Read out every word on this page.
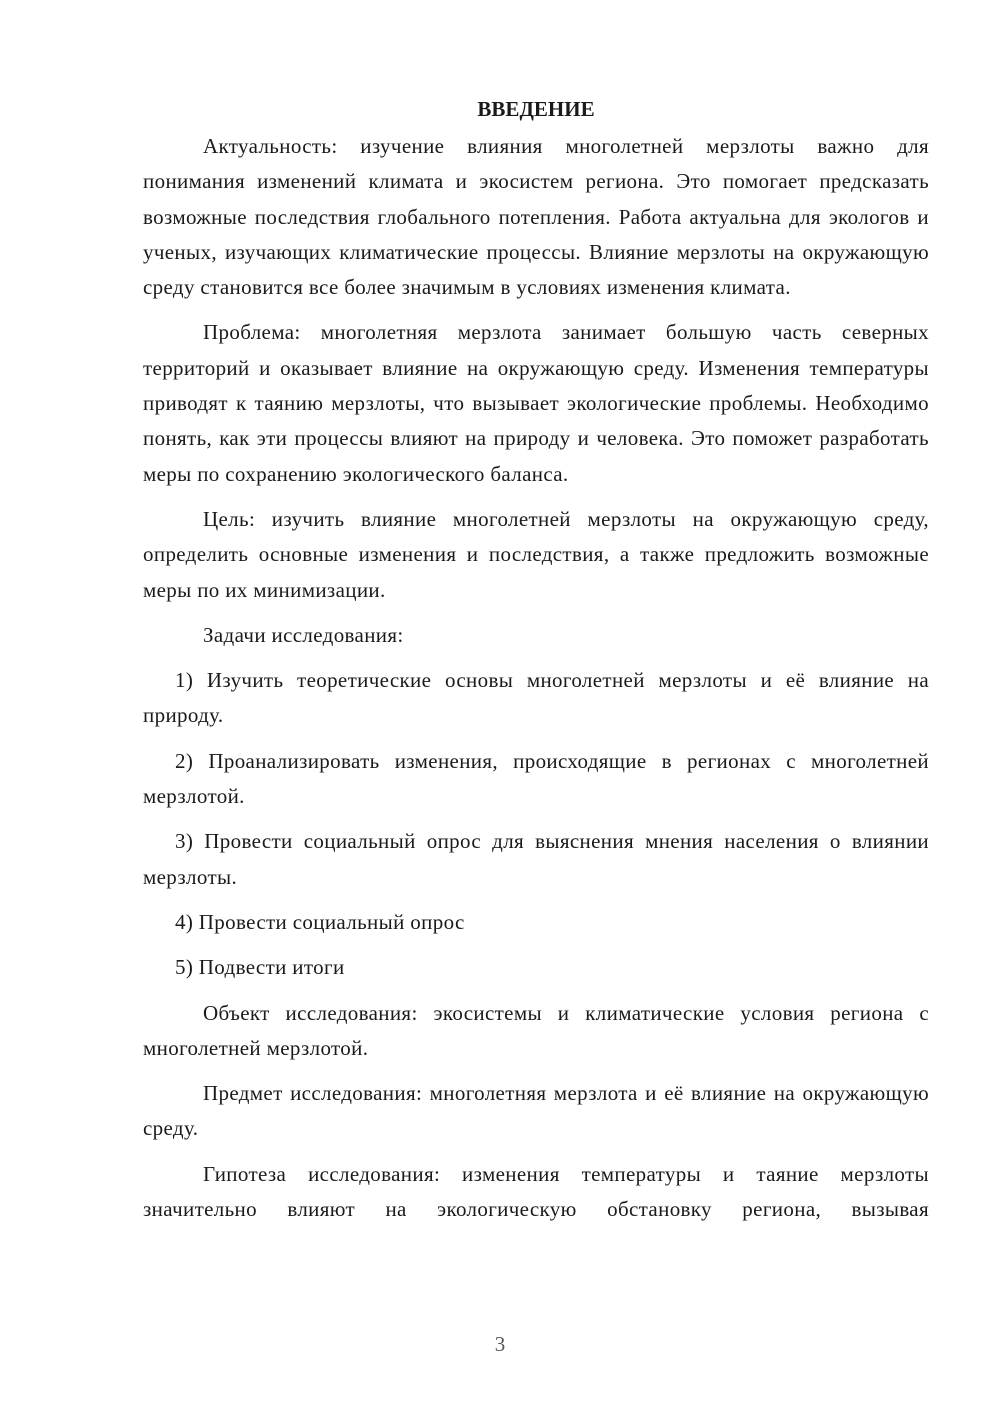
ВВЕДЕНИЕ

Актуальность: изучение влияния многолетней мерзлоты важно для понимания изменений климата и экосистем региона. Это помогает предсказать возможные последствия глобального потепления. Работа актуальна для экологов и ученых, изучающих климатические процессы. Влияние мерзлоты на окружающую среду становится все более значимым в условиях изменения климата.

Проблема: многолетняя мерзлота занимает большую часть северных территорий и оказывает влияние на окружающую среду. Изменения температуры приводят к таянию мерзлоты, что вызывает экологические проблемы. Необходимо понять, как эти процессы влияют на природу и человека. Это поможет разработать меры по сохранению экологического баланса.

Цель: изучить влияние многолетней мерзлоты на окружающую среду, определить основные изменения и последствия, а также предложить возможные меры по их минимизации.

Задачи исследования:

1) Изучить теоретические основы многолетней мерзлоты и её влияние на природу.

2) Проанализировать изменения, происходящие в регионах с многолетней мерзлотой.

3) Провести социальный опрос для выяснения мнения населения о влиянии мерзлоты.

4) Провести социальный опрос

5) Подвести итоги

Объект исследования: экосистемы и климатические условия региона с многолетней мерзлотой.

Предмет исследования: многолетняя мерзлота и её влияние на окружающую среду.

Гипотеза исследования: изменения температуры и таяние мерзлоты значительно влияют на экологическую обстановку региона, вызывая

3
